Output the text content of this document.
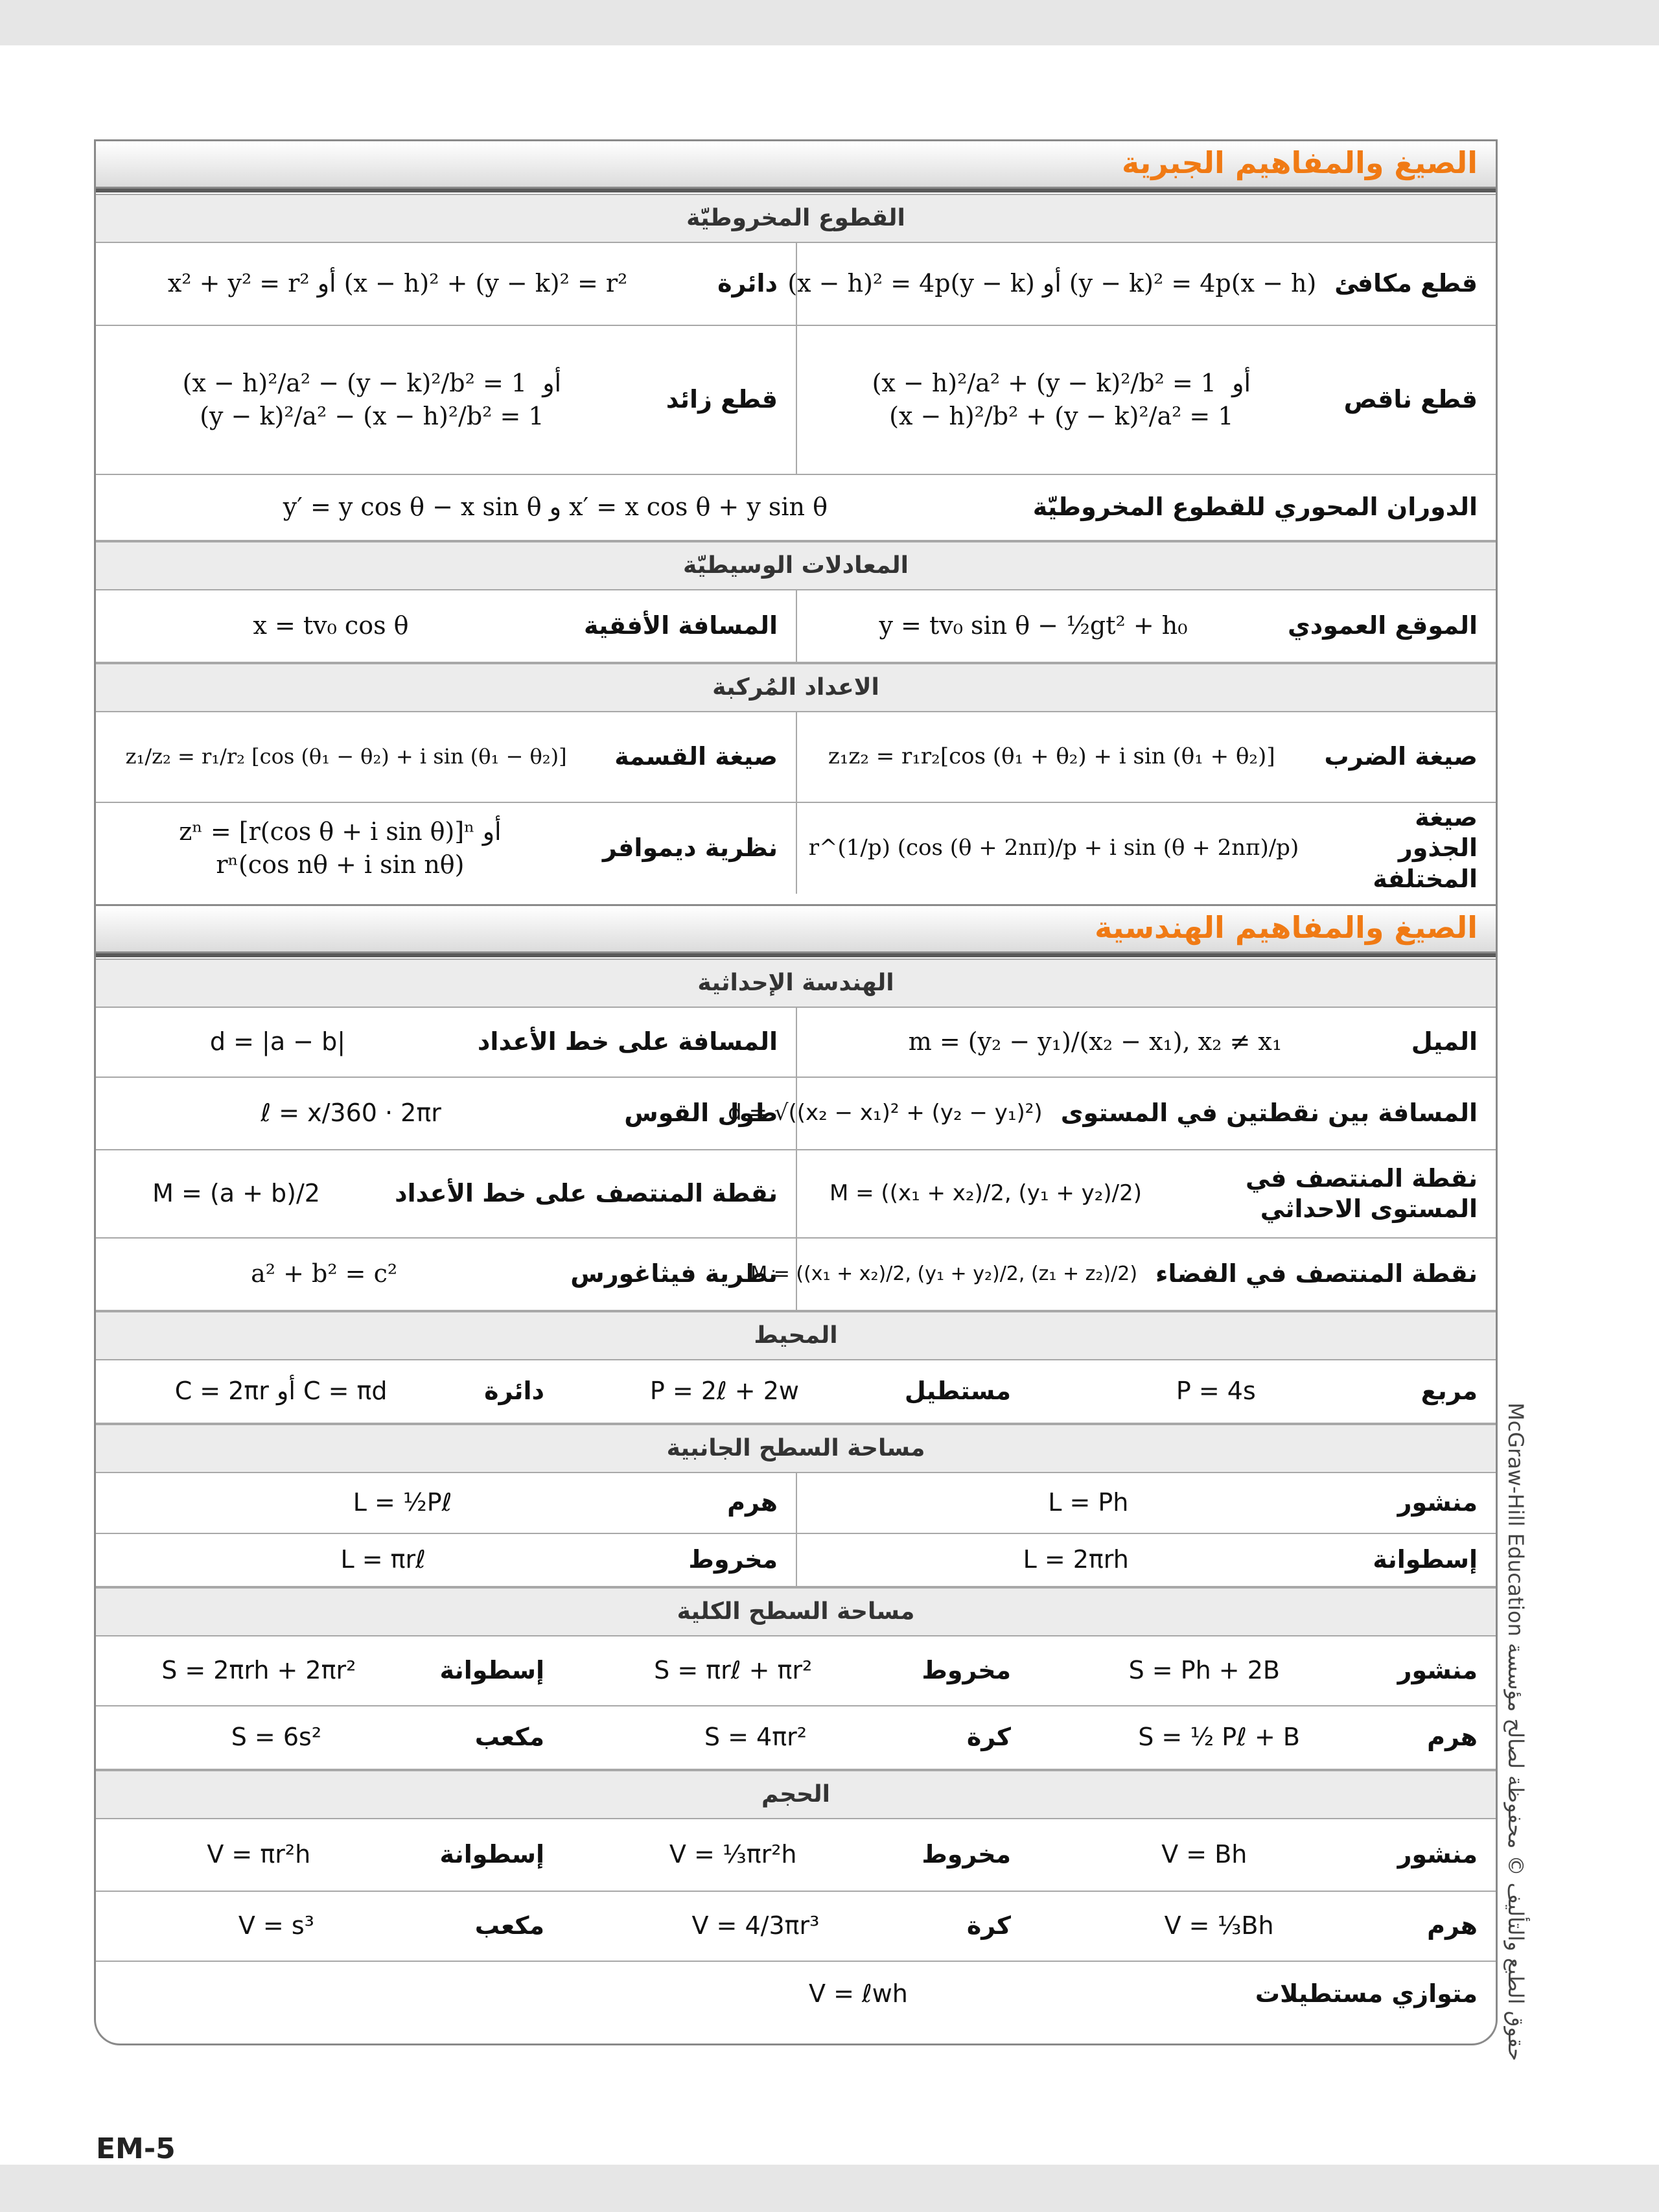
الصيغ والمفاهيم الجبرية
القطوع المخروطيّة
قطع مكافئ
(x − h)² = 4p(y − k) أو (y − k)² = 4p(x − h)
دائرة
x² + y² = r² أو (x − h)² + (y − k)² = r²
قطع ناقص
(x − h)²/a² + (y − k)²/b² = 1  أو
(x − h)²/b² + (y − k)²/a² = 1
قطع زائد
(x − h)²/a² − (y − k)²/b² = 1  أو
(y − k)²/a² − (x − h)²/b² = 1
الدوران المحوري للقطوع المخروطيّة
y′ = y cos θ − x sin θ و x′ = x cos θ + y sin θ
المعادلات الوسيطيّة
الموقع العمودي
y = tv₀ sin θ − ½gt² + h₀
المسافة الأفقية
x = tv₀ cos θ
الاعداد المُركبة
صيغة الضرب
z₁z₂ = r₁r₂[cos (θ₁ + θ₂) + i sin (θ₁ + θ₂)]
صيغة القسمة
z₁/z₂ = r₁/r₂ [cos (θ₁ − θ₂) + i sin (θ₁ − θ₂)]
صيغة الجذور المختلفة
r^(1/p) (cos (θ + 2nπ)/p + i sin (θ + 2nπ)/p)
نظرية ديموافر
zⁿ = [r(cos θ + i sin θ)]ⁿ أو
rⁿ(cos nθ + i sin nθ)
الصيغ والمفاهيم الهندسية
الهندسة الإحداثية
الميل
m = (y₂ − y₁)/(x₂ − x₁), x₂ ≠ x₁
المسافة على خط الأعداد
d = |a − b|
المسافة بين نقطتين في المستوى
d = √((x₂ − x₁)² + (y₂ − y₁)²)
طول القوس
ℓ = x/360 · 2πr
نقطة المنتصف في المستوى الاحداثي
M = ((x₁ + x₂)/2, (y₁ + y₂)/2)
نقطة المنتصف على خط الأعداد
M = (a + b)/2
نقطة المنتصف في الفضاء
M = ((x₁ + x₂)/2, (y₁ + y₂)/2, (z₁ + z₂)/2)
نظرية فيثاغورس
a² + b² = c²
المحيط
مربع
P = 4s
مستطيل
P = 2ℓ + 2w
دائرة
C = 2πr أو C = πd
مساحة السطح الجانبية
منشور
L = Ph
هرم
L = ½Pℓ
إسطوانة
L = 2πrh
مخروط
L = πrℓ
مساحة السطح الكلية
منشور
S = Ph + 2B
مخروط
S = πrℓ + πr²
إسطوانة
S = 2πrh + 2πr²
هرم
S = ½ Pℓ + B
كرة
S = 4πr²
مكعب
S = 6s²
الحجم
منشور
V = Bh
مخروط
V = ⅓πr²h
إسطوانة
V = πr²h
هرم
V = ⅓Bh
كرة
V = 4/3πr³
مكعب
V = s³
متوازي مستطيلات
V = ℓwh
EM-5
حقوق الطبع والتأليف © محفوظة لصالح مؤسسة McGraw-Hill Education
